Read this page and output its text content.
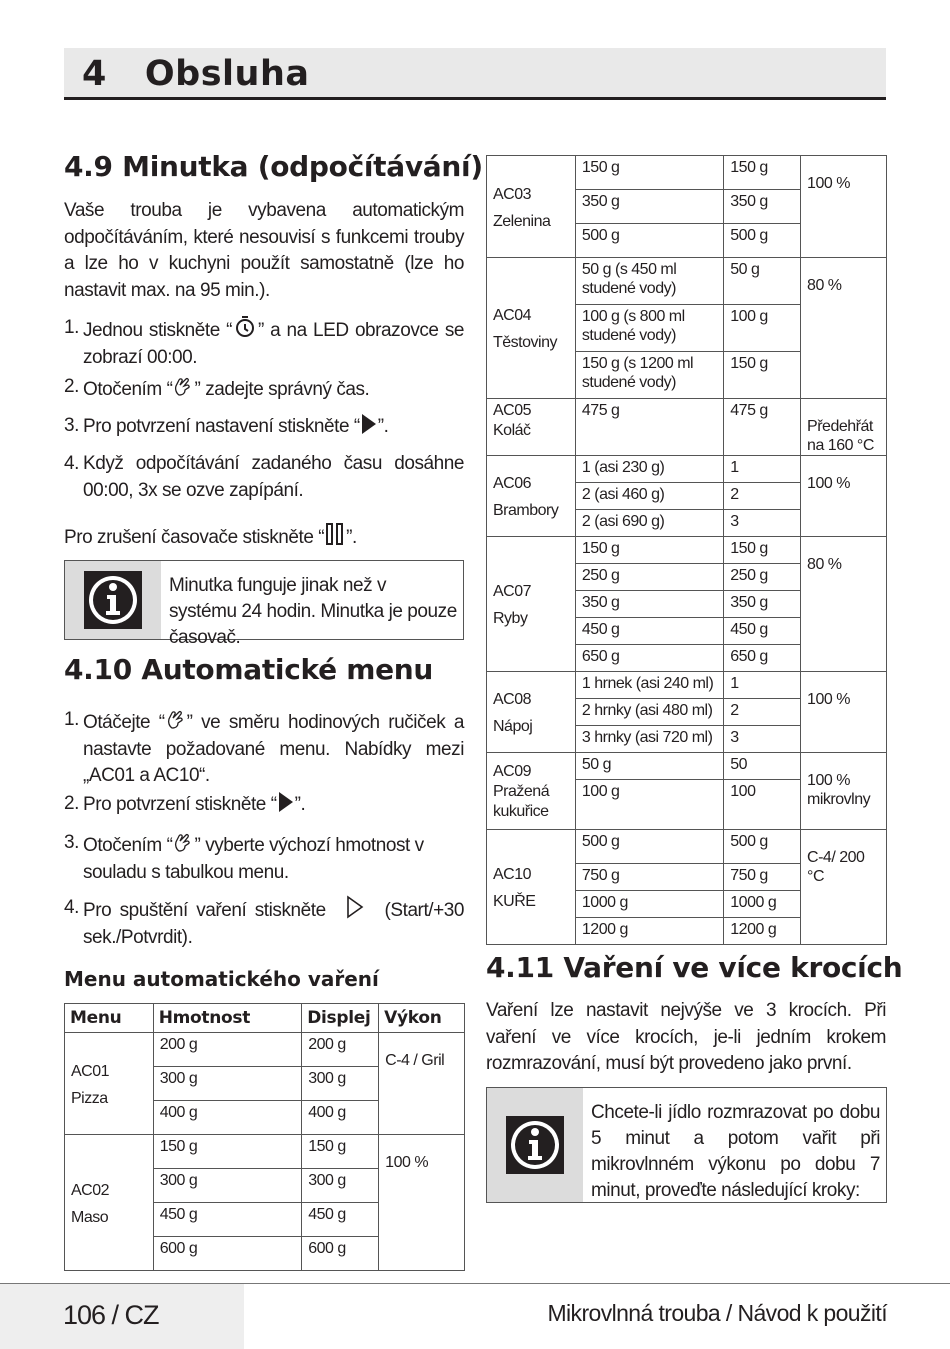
4 Obsluha
4.9 Minutka (odpočítávání)
Vaše trouba je vybavena automatickým odpočítáváním, které nesouvisí s funkcemi trouby a lze ho v kuchyni použít samostatně (lze ho nastavit max. na 95 min.).
1. Jednou stiskněte “ ” a na LED obrazovce se zobrazí 00:00.
2. Otočením “ ” zadejte správný čas.
3. Pro potvrzení nastavení stiskněte “ ”.
4. Když odpočítávání zadaného času dosáhne 00:00, 3x se ozve zapípání.
Pro zrušení časovače stiskněte “ ”.
Minutka funguje jinak než v systému 24 hodin. Minutka je pouze časovač.
4.10 Automatické menu
1. Otáčejte “ ” ve směru hodinových ručiček a nastavte požadované menu. Nabídky mezi „AC01 a AC10“.
2. Pro potvrzení stiskněte “ ”.
3. Otočením “ ” vyberte výchozí hmotnost v souladu s tabulkou menu.
4. Pro spuštění vaření stiskněte	(Start/+30 sek./Potvrdit).
Menu automatického vaření
Menu	Hmotnost	Displej	Výkon

AC01
Pizza	200 g	200 g	C-4 / Gril
	300 g	300 g	
	400 g	400 g	

AC02
Maso	150 g	150 g	100 %
	300 g	300 g	
	450 g	450 g	
	600 g	600 g	
AC03
Zelenina	150 g	150 g	100 %
	350 g	350 g	
	500 g	500 g	

AC04
Těstoviny	50 g (s 450 ml studené vody)	50 g	80 %
	100 g (s 800 ml studené vody)	100 g	
	150 g (s 1200 ml studené vody)	150 g	

AC05 Koláč	475 g	475 g	Předehřát na 160 °C

AC06
Brambory	1 (asi 230 g)	1	100 %
	2 (asi 460 g)	2	
	2 (asi 690 g)	3	

AC07
Ryby	150 g	150 g	80 %
	250 g	250 g	
	350 g	350 g	
	450 g	450 g	
	650 g	650 g	

AC08
Nápoj	1 hrnek (asi 240 ml)	1	100 %
	2 hrnky (asi 480 ml)	2	
	3 hrnky (asi 720 ml)	3	

AC09
Pražená
kukuřice	50 g	50	100 % mikrovlny
	100 g	100	

AC10
KUŘE	500 g	500 g	C-4/ 200 °C
	750 g	750 g	
	1000 g	1000 g	
	1200 g	1200 g	
4.11 Vaření ve více krocích
Vaření lze nastavit nejvýše ve 3 krocích. Při vaření ve více krocích, je-li jedním krokem rozmrazování, musí být provedeno jako první.
Chcete-li jídlo rozmrazovat po dobu 5 minut a potom vařit při mikrovlnném výkonu po dobu 7 minut, proveďte následující kroky:
106 / CZ	Mikrovlnná trouba / Návod k použití
